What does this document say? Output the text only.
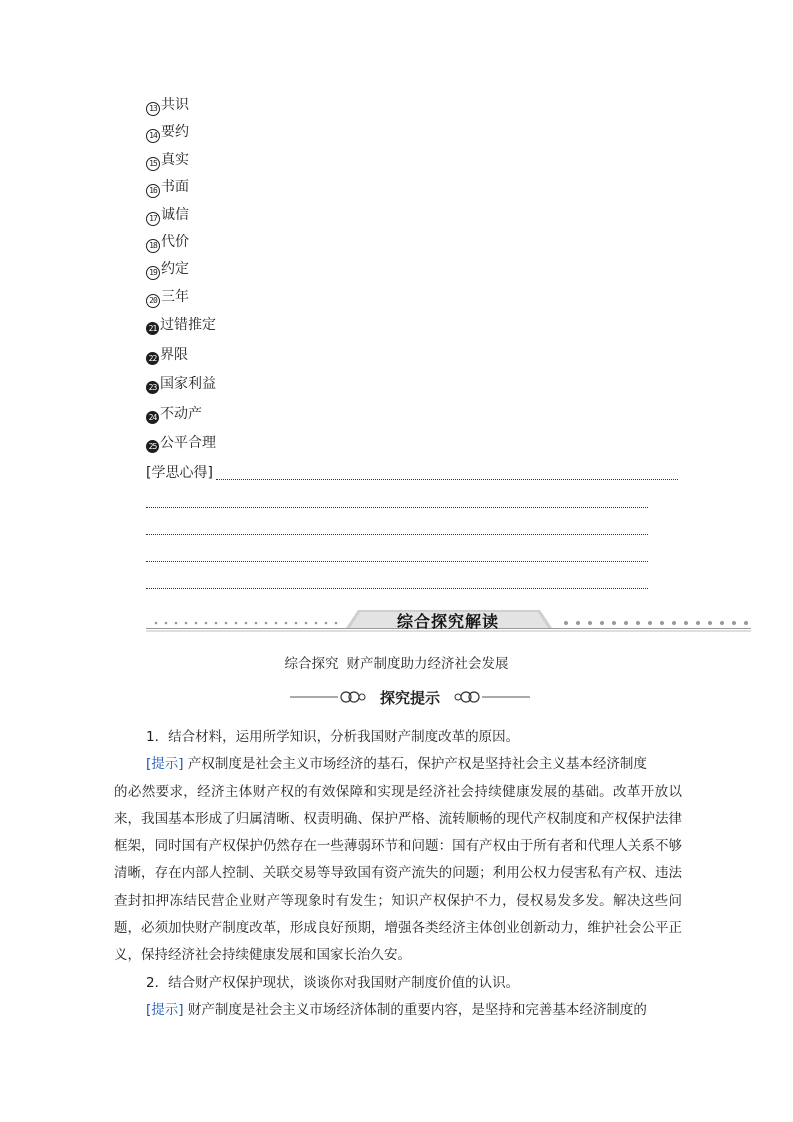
13 共识
14 要约
15 真实
16 书面
17 诚信
18 代价
19 约定
20 三年
21 过错推定
22 界限
23 国家利益
24 不动产
25 公平合理
[学思心得]
综合探究解读
综合探究 财产制度助力经济社会发展
探究提示

1．结合材料，运用所学知识，分析我国财产制度改革的原因。

[提示] 产权制度是社会主义市场经济的基石，保护产权是坚持社会主义基本经济制度

的必然要求，经济主体财产权的有效保障和实现是经济社会持续健康发展的基础。改革开放以来，我国基本形成了归属清晰、权责明确、保护严格、流转顺畅的现代产权制度和产权保护法律框架，同时国有产权保护仍然存在一些薄弱环节和问题：国有产权由于所有者和代理人关系不够清晰，存在内部人控制、关联交易等导致国有资产流失的问题；利用公权力侵害私有产权、违法查封扣押冻结民营企业财产等现象时有发生；知识产权保护不力，侵权易发多发。解决这些问题，必须加快财产制度改革，形成良好预期，增强各类经济主体创业创新动力，维护社会公平正义，保持经济社会持续健康发展和国家长治久安。

2．结合财产权保护现状，谈谈你对我国财产制度价值的认识。

[提示] 财产制度是社会主义市场经济体制的重要内容，是坚持和完善基本经济制度的
